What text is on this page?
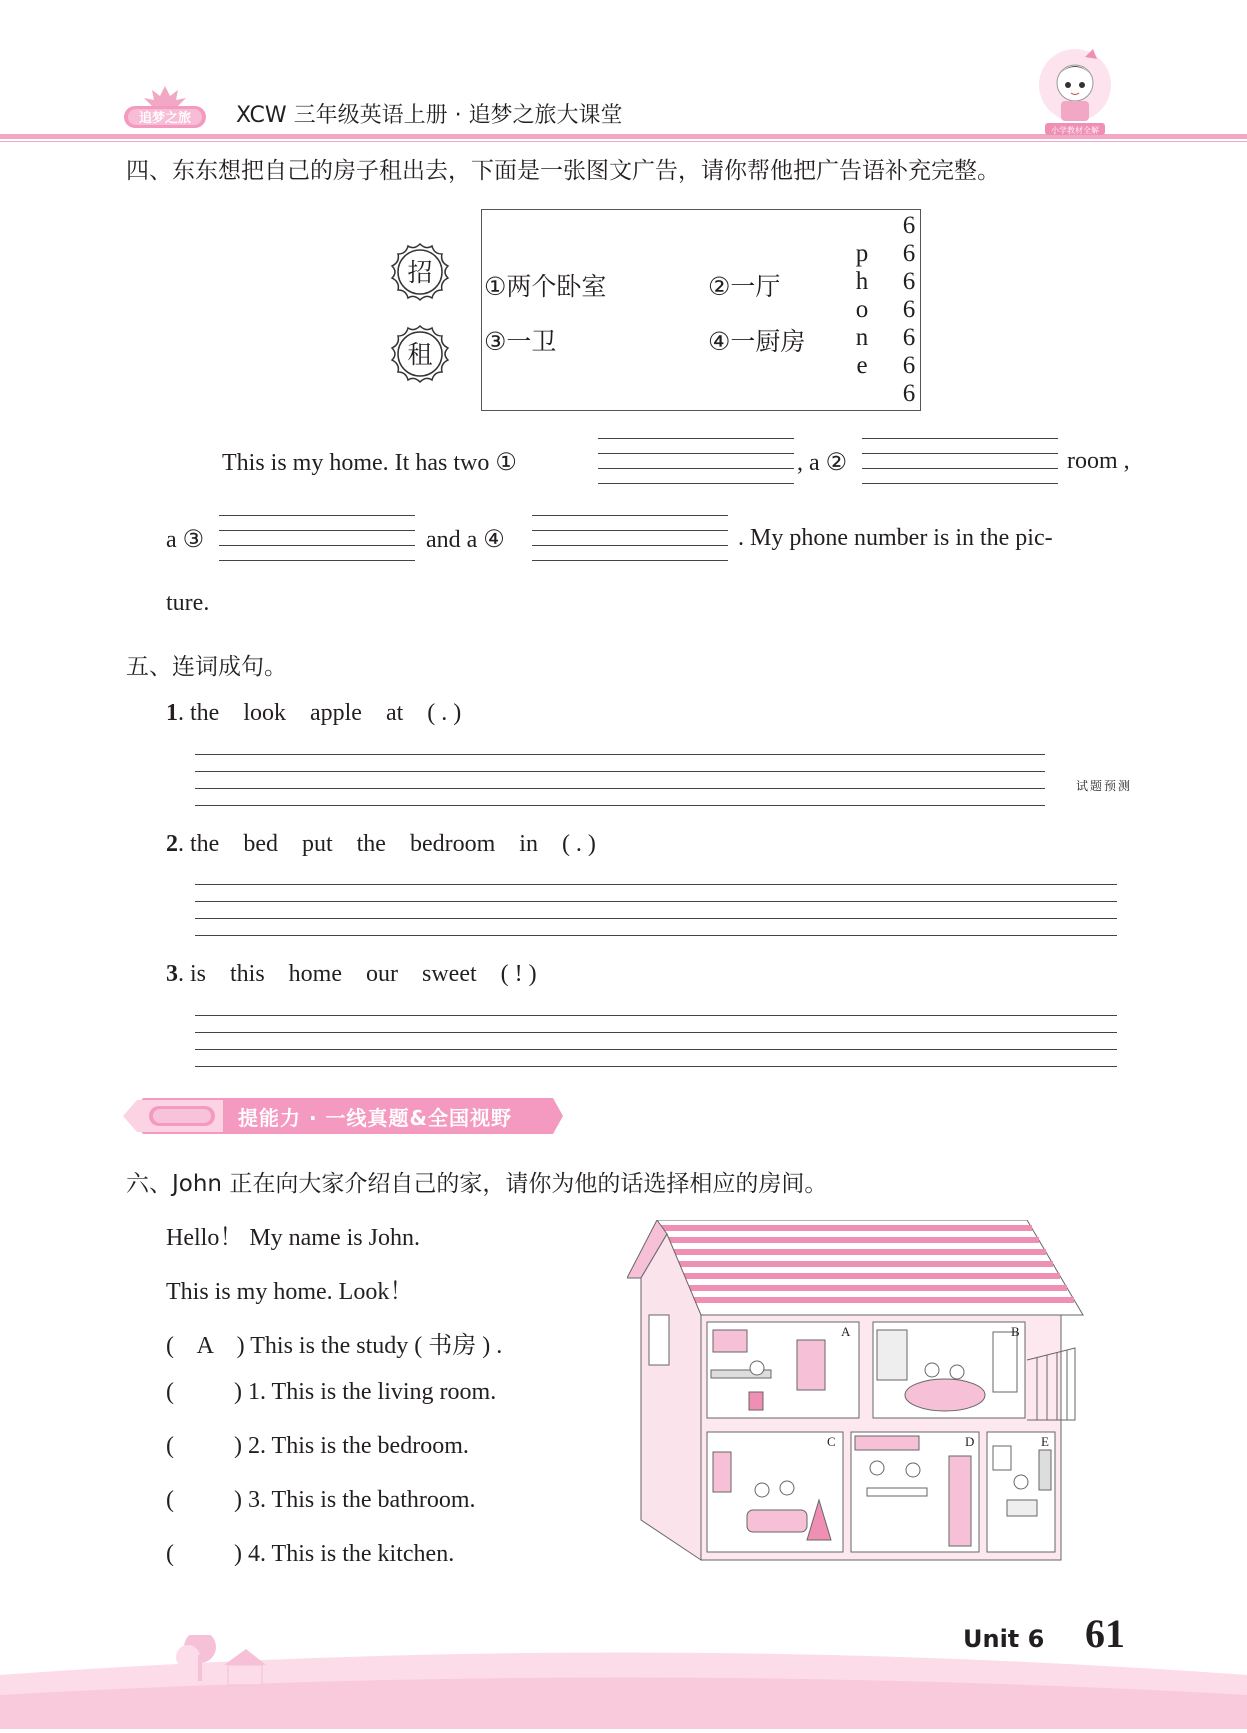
追梦之旅 XCW 三年级英语上册 · 追梦之旅大课堂
小学教材全解
四、东东想把自己的房子租出去，下面是一张图文广告，请你帮他把广告语补充完整。
招
租
①两个卧室	②一厅
③一卫	④一厨房
p
h
o
n
e
6
6
6
6
6
6
6
This is my home. It has two ①	, a ②	room ,
a ③	and a ④	. My phone number is in the pic-
ture.
五、连词成句。
1. the    look    apple    at    ( . )
试题预测
2. the    bed    put    the    bedroom    in    ( . )
3. is    this    home    our    sweet    ( ! )
提能力 · 一线真题&全国视野
六、John 正在向大家介绍自己的家，请你为他的话选择相应的房间。
Hello！ My name is John.
This is my home. Look！
(    A    ) This is the study ( 书房 ) .
(          ) 1. This is the living room.
(          ) 2. This is the bedroom.
(          ) 3. This is the bathroom.
(          ) 4. This is the kitchen.
A	B
C	D	E
Unit 6 61
